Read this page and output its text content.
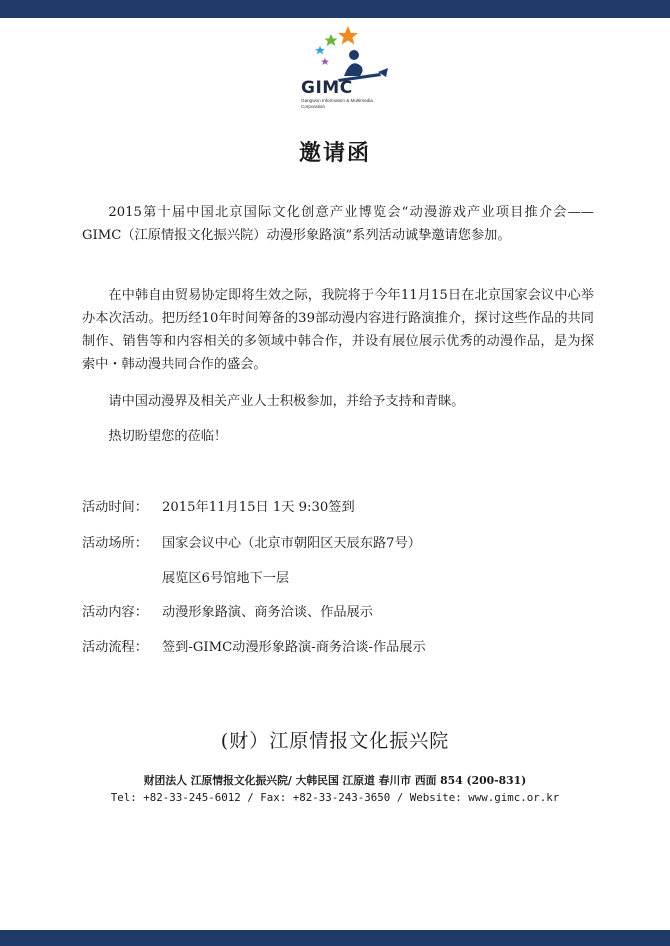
GIMC
Gangwon Information & Multimedia Corporation
邀请函

2015第十届中国北京国际文化创意产业博览会“动漫游戏产业项目推介会—— GIMC（江原情报文化振兴院）动漫形象路演”系列活动诚挚邀请您参加。

在中韩自由贸易协定即将生效之际，我院将于今年11月15日在北京国家会议中心举办本次活动。把历经10年时间筹备的39部动漫内容进行路演推介，探讨这些作品的共同制作、销售等和内容相关的多领域中韩合作，并设有展位展示优秀的动漫作品，是为探索中・韩动漫共同合作的盛会。

请中国动漫界及相关产业人士积极参加，并给予支持和青睐。

热切盼望您的莅临！

活动时间： 2015年11月15日 1天 9:30签到
活动场所： 国家会议中心（北京市朝阳区天辰东路7号）
展览区6号馆地下一层
活动内容： 动漫形象路演、商务洽谈、作品展示
活动流程： 签到-GIMC动漫形象路演-商务洽谈-作品展示
(财）江原情报文化振兴院
财团法人 江原情报文化振兴院/ 大韩民国 江原道 春川市 西面 854 (200-831)
Tel: +82-33-245-6012 / Fax: +82-33-243-3650 / Website: www.gimc.or.kr
